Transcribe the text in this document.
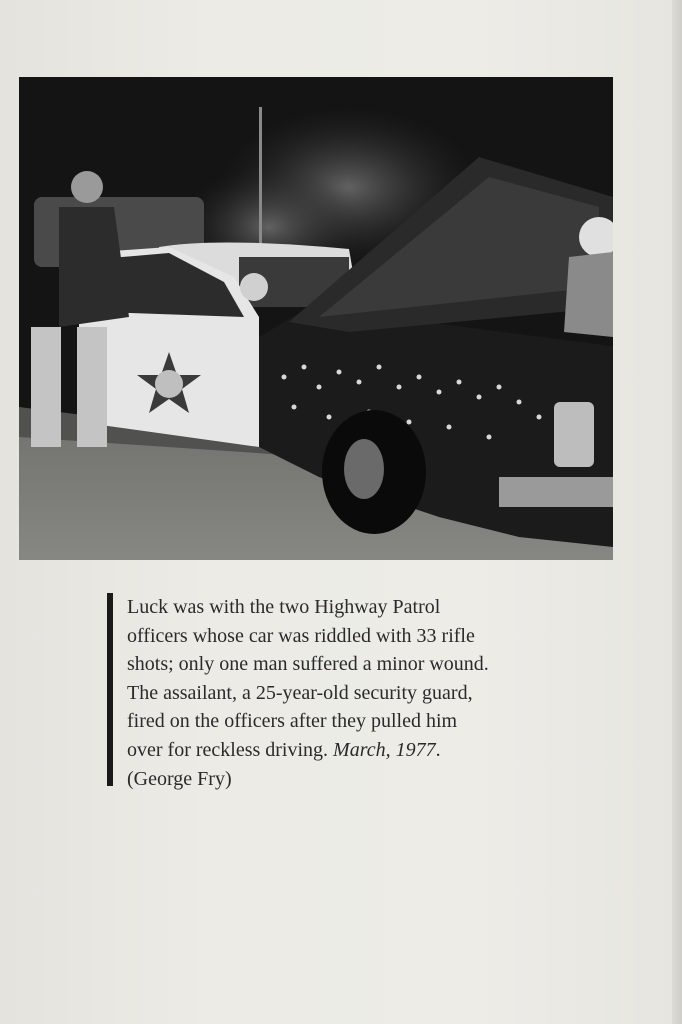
Luck was with the two Highway Patrol
officers whose car was riddled with 33 rifle
shots; only one man suffered a minor wound.
The assailant, a 25-year-old security guard,
fired on the officers after they pulled him
over for reckless driving. March, 1977.
(George Fry)
